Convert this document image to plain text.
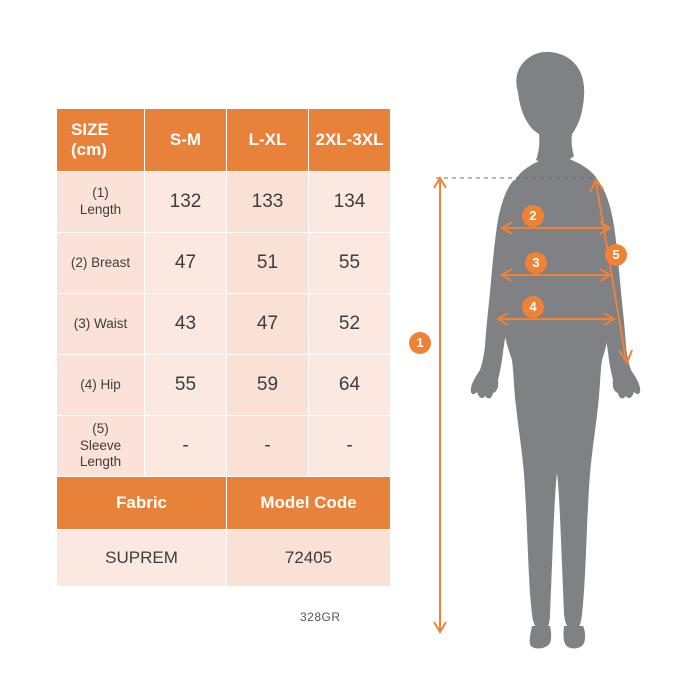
SIZE
(cm)	S-M	L-XL	2XL-3XL

(1)
Length	132	133	134

(2) Breast	47	51	55

(3) Waist	43	47	52

(4) Hip	55	59	64

(5)
Sleeve
Length	-	-	-
Fabric		Model Code	
SUPREM		72405	
328GR
1
2
3
4
5
